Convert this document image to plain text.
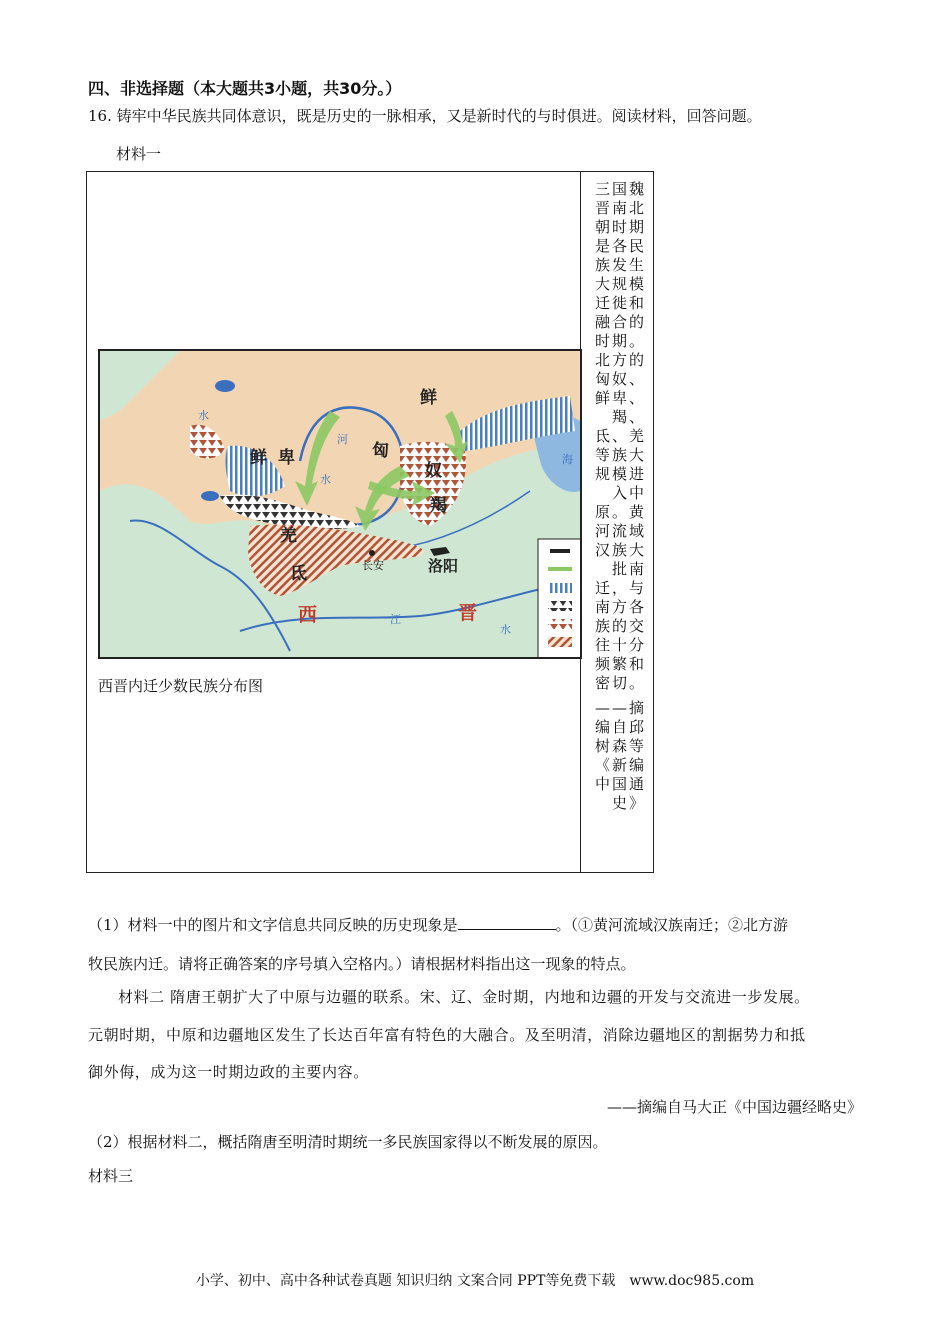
四、非选择题（本大题共3小题，共30分。）
16. 铸牢中华民族共同体意识，既是历史的一脉相承，又是新时代的与时俱进。阅读材料，回答问题。
材料一
三国魏晋南北朝时期是各民族发生大规模迁徙和融合的时期。北方的匈奴、鲜卑、羯、氐、羌等族大规模进入中原。黄河流域汉族大批南迁，与南方各族的交往十分频繁和密切。
——摘编自邱树森等《新编中国通史》
鲜
鲜 卑	匈
奴
羯
羌
氐	长安	洛阳
西	晋
河
水
水
水
江
海
西晋内迁少数民族分布图
（1）材料一中的图片和文字信息共同反映的历史现象是	。（①黄河流域汉族南迁；②北方游
牧民族内迁。请将正确答案的序号填入空格内。）请根据材料指出这一现象的特点。
材料二 隋唐王朝扩大了中原与边疆的联系。宋、辽、金时期，内地和边疆的开发与交流进一步发展。
元朝时期，中原和边疆地区发生了长达百年富有特色的大融合。及至明清，消除边疆地区的割据势力和抵
御外侮，成为这一时期边政的主要内容。
——摘编自马大正《中国边疆经略史》
（2）根据材料二，概括隋唐至明清时期统一多民族国家得以不断发展的原因。
材料三
小学、初中、高中各种试卷真题 知识归纳 文案合同 PPT等免费下载　www.doc985.com
